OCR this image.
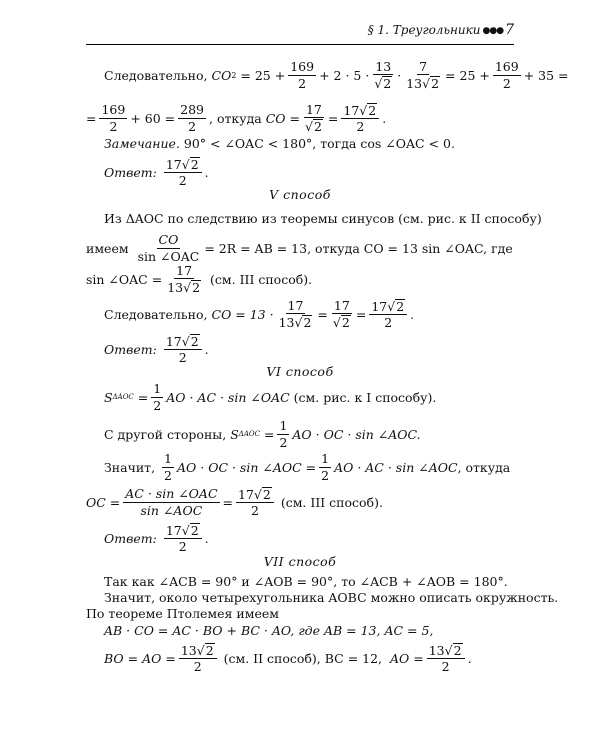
§ 1. Треугольники ●●● 7
Следовательно,
CO 2
= $25 + \frac{169}{2}$ +
$2 \cdot 5 \cdot \frac{13}{√2} \cdot \frac{7}{13√2} = 25 + \frac{169}{2} + 35$ =
= $\frac{169}{2} + 60 = \frac{289}{2}$ , откуда
CO = $\frac{17}{√2} = \frac{17√2}{2}$ .
Замечание.
90° < ∠OAC < 180°, тогда cos ∠OAC < 0.
Ответ:
$\frac{17√2}{2}$ .
V способ
Из ΔAOC по следствию из теоремы синусов (см. рис. к II способу)
имеем
$\frac{CO}{\text{sin ∠OAC}} = 2R$ = AB = 13, откуда CO = 13 sin ∠OAC, где
sin ∠OAC = $\frac{17}{13√2}$
(см. III способ).
Следовательно,
CO = $13 \cdot \frac{17}{13√2} = \frac{17}{√2} = \frac{17√2}{2}$ .
Ответ:
$\frac{17√2}{2}$ .
VI способ
S ΔAOC
= $\frac{1}{2}$ AO · AC · sin ∠OAC
(см. рис. к I способу).
С другой стороны,
S ΔAOC
= $\frac{1}{2}$ AO · OC · sin ∠AOC.
Значит,
$\frac{1}{2}$ AO · OC · sin ∠AOC = $\frac{1}{2}$ AO · AC · sin ∠AOC , откуда
OC = $\frac{\text{AC · sin ∠OAC}}{\text{sin ∠AOC}} = \frac{17√2}{2}$
(см. III способ).
Ответ:
$\frac{17√2}{2}$ .
VII способ
Так как ∠ACB = 90° и ∠AOB = 90°, то ∠ACB + ∠AOB = 180°.
Значит, около четырехугольника AOBC можно описать окружность.
По теореме Птолемея имеем
AB · CO = AC · BO + BC · AO, где AB = 13, AC = 5,
BO = AO = $\frac{13√2}{2}$
(см. II способ), BC = 12,
AO = $\frac{13√2}{2}$ .
